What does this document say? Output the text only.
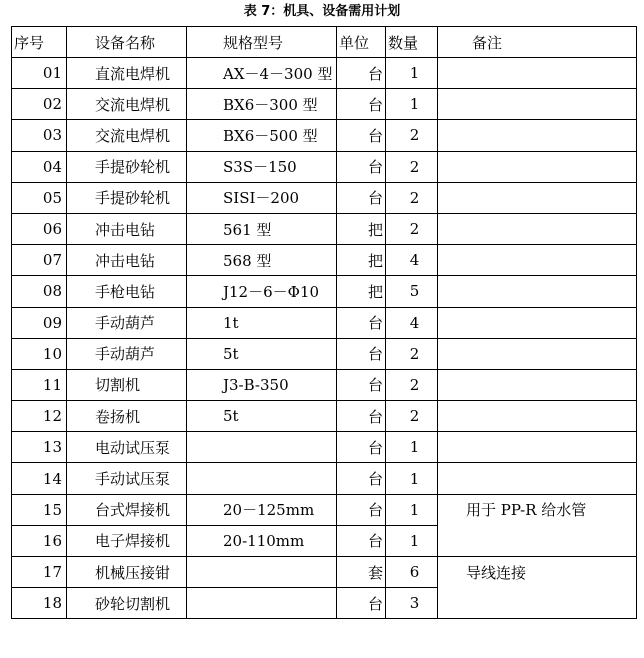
表 7：机具、设备需用计划
序号	设备名称	规格型号	单位	数量	备注
01	直流电焊机	AX－4－300 型	台	1	
02	交流电焊机	BX6－300 型	台	1	
03	交流电焊机	BX6－500 型	台	2	
04	手提砂轮机	S3S－150	台	2	
05	手提砂轮机	SISI－200	台	2	
06	冲击电钻	561 型	把	2	
07	冲击电钻	568 型	把	4	
08	手枪电钻	J12－6－Φ10	把	5	
09	手动葫芦	1t	台	4	
10	手动葫芦	5t	台	2	
11	切割机	J3-B-350	台	2	
12	卷扬机	5t	台	2	
13	电动试压泵		台	1	
14	手动试压泵		台	1	
15	台式焊接机	20－125mm	台	1	用于 PP-R 给水管
16	电子焊接机	20-110mm	台	1	
17	机械压接钳		套	6	导线连接
18	砂轮切割机		台	3	
